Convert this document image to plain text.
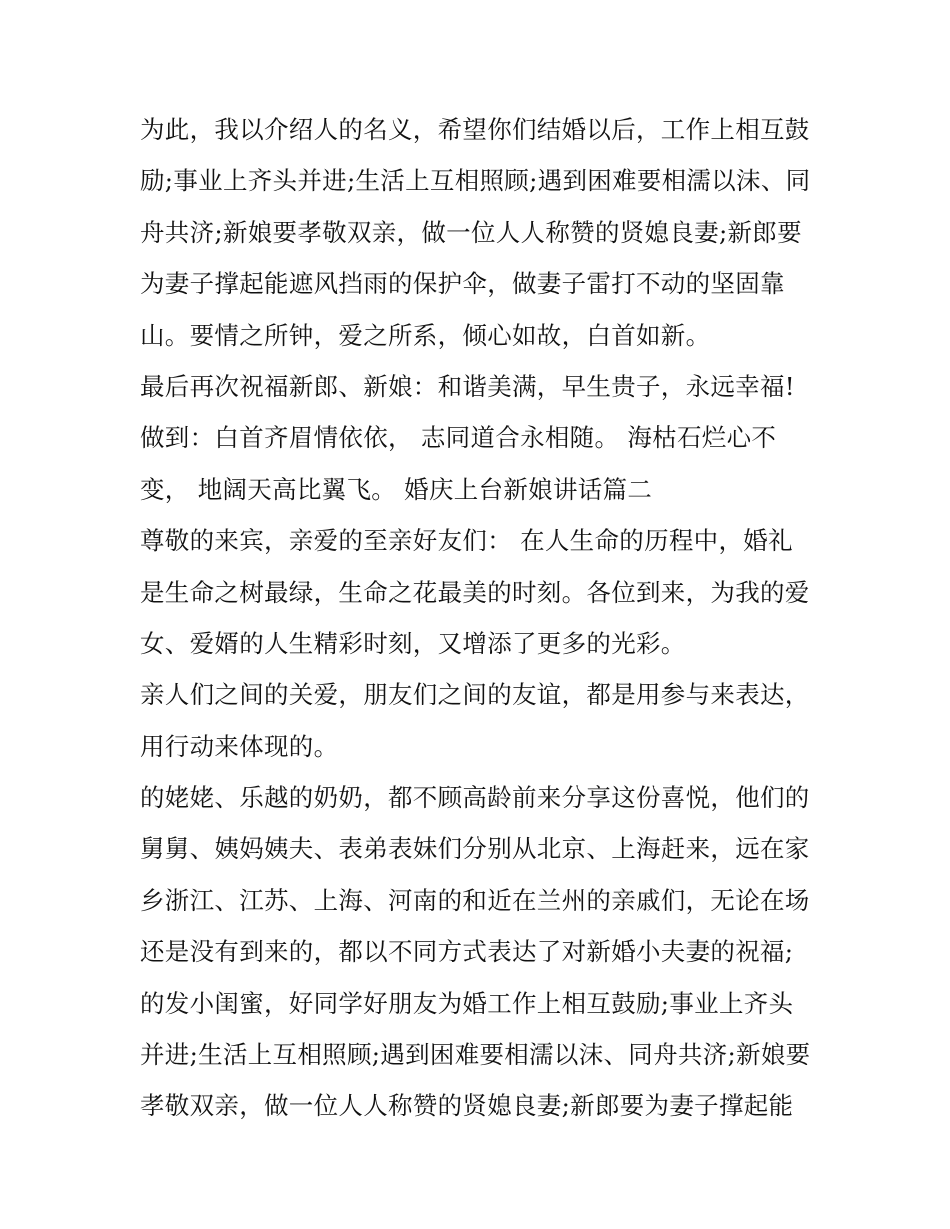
为此，我以介绍人的名义，希望你们结婚以后，工作上相互鼓
励;事业上齐头并进;生活上互相照顾;遇到困难要相濡以沫、同
舟共济;新娘要孝敬双亲，做一位人人称赞的贤媳良妻;新郎要
为妻子撑起能遮风挡雨的保护伞，做妻子雷打不动的坚固靠
山。要情之所钟，爱之所系，倾心如故，白首如新。
最后再次祝福新郎、新娘：和谐美满，早生贵子，永远幸福!
做到：白首齐眉情依依， 志同道合永相随。 海枯石烂心不
变， 地阔天高比翼飞。 婚庆上台新娘讲话篇二
尊敬的来宾，亲爱的至亲好友们： 在人生命的历程中，婚礼
是生命之树最绿，生命之花最美的时刻。各位到来，为我的爱
女、爱婿的人生精彩时刻，又增添了更多的光彩。
亲人们之间的关爱，朋友们之间的友谊，都是用参与来表达，
用行动来体现的。
的姥姥、乐越的奶奶，都不顾高龄前来分享这份喜悦，他们的
舅舅、姨妈姨夫、表弟表妹们分别从北京、上海赶来，远在家
乡浙江、江苏、上海、河南的和近在兰州的亲戚们，无论在场
还是没有到来的，都以不同方式表达了对新婚小夫妻的祝福;
的发小闺蜜，好同学好朋友为婚工作上相互鼓励;事业上齐头
并进;生活上互相照顾;遇到困难要相濡以沫、同舟共济;新娘要
孝敬双亲，做一位人人称赞的贤媳良妻;新郎要为妻子撑起能
